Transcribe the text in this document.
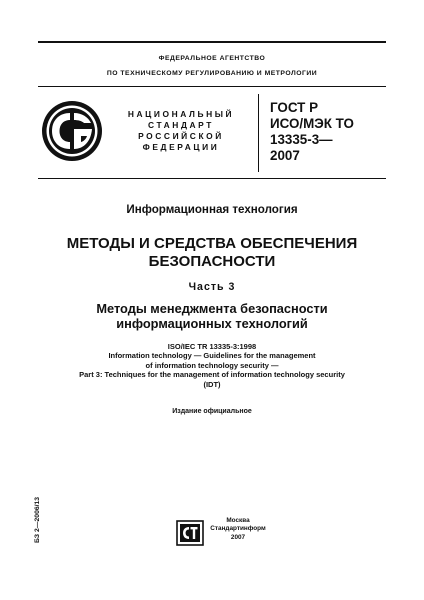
ФЕДЕРАЛЬНОЕ АГЕНТСТВО
ПО ТЕХНИЧЕСКОМУ РЕГУЛИРОВАНИЮ И МЕТРОЛОГИИ
НАЦИОНАЛЬНЫЙ
СТАНДАРТ
РОССИЙСКОЙ
ФЕДЕРАЦИИ
ГОСТ Р
ИСО/МЭК ТО
13335-3—
2007
Информационная технология
МЕТОДЫ И СРЕДСТВА ОБЕСПЕЧЕНИЯ
БЕЗОПАСНОСТИ
Часть 3
Методы менеджмента безопасности
информационных технологий
ISO/IEC TR 13335-3:1998
Information technology — Guidelines for the management
of information technology security —
Part 3: Techniques for the management of information technology security
(IDT)
Издание официальное
БЗ 2—2006/13	Москва
Стандартинформ
2007
